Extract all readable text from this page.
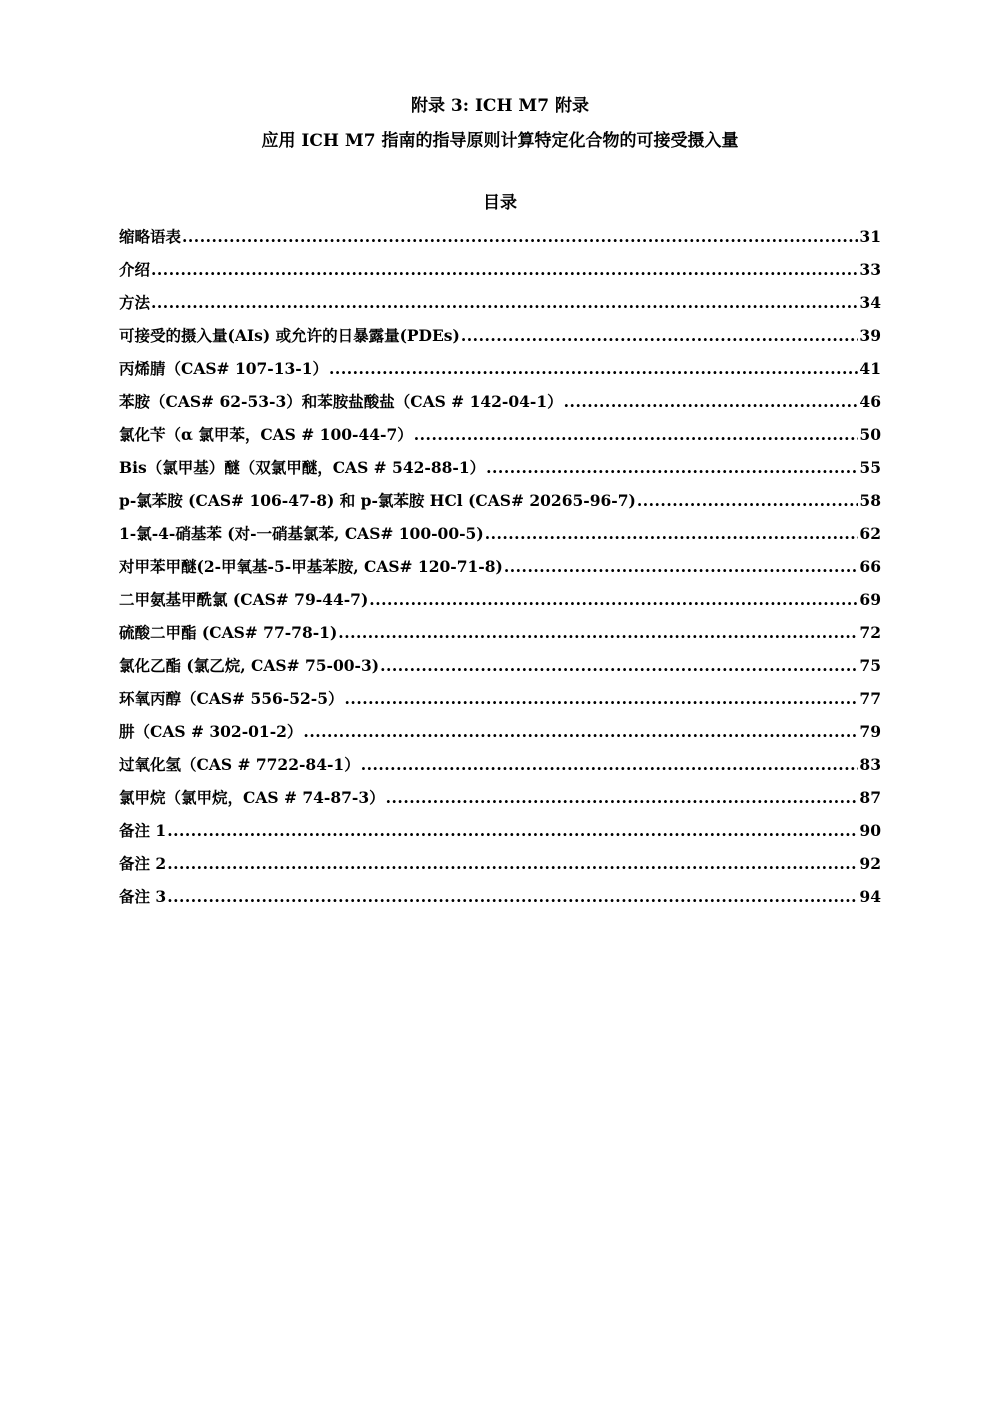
附录 3: ICH M7 附录
应用 ICH M7 指南的指导原则计算特定化合物的可接受摄入量
目录
缩略语表 .....	31
介绍 .....	33
方法 .....	34
可接受的摄入量(AIs) 或允许的日暴露量(PDEs) .....	39
丙烯腈（CAS# 107-13-1） .....	41
苯胺（CAS# 62-53-3）和苯胺盐酸盐（CAS # 142-04-1） .....	46
氯化苄（α 氯甲苯，CAS # 100-44-7） .....	50
Bis（氯甲基）醚（双氯甲醚，CAS # 542-88-1） .....	55
p-氯苯胺 (CAS# 106-47-8) 和 p-氯苯胺 HCl (CAS# 20265-96-7) .....	58
1-氯-4-硝基苯 (对-一硝基氯苯, CAS# 100-00-5) .....	62
对甲苯甲醚(2-甲氧基-5-甲基苯胺, CAS# 120-71-8) .....	66
二甲氨基甲酰氯 (CAS# 79-44-7) .....	69
硫酸二甲酯 (CAS# 77-78-1) .....	72
氯化乙酯 (氯乙烷, CAS# 75-00-3) .....	75
环氧丙醇（CAS# 556-52-5） .....	77
肼（CAS # 302-01-2） .....	79
过氧化氢（CAS # 7722-84-1） .....	83
氯甲烷（氯甲烷，CAS # 74-87-3） .....	87
备注 1 .....	90
备注 2 .....	92
备注 3 .....	94
